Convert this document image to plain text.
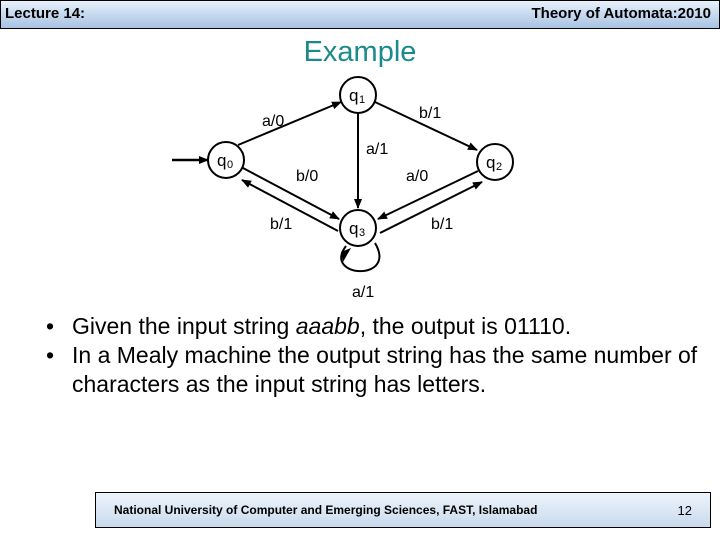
Lecture 14:	Theory of Automata:2010
Example
q 1
q 0	q 2
q 3
a/0	b/1
a/1
b/0	a/0
b/1	b/1
a/1
• Given the input string aaabb, the output is 01110.
• In a Mealy machine the output string has the same number of characters as the input string has letters.
National University of Computer and Emerging Sciences, FAST, Islamabad	12
